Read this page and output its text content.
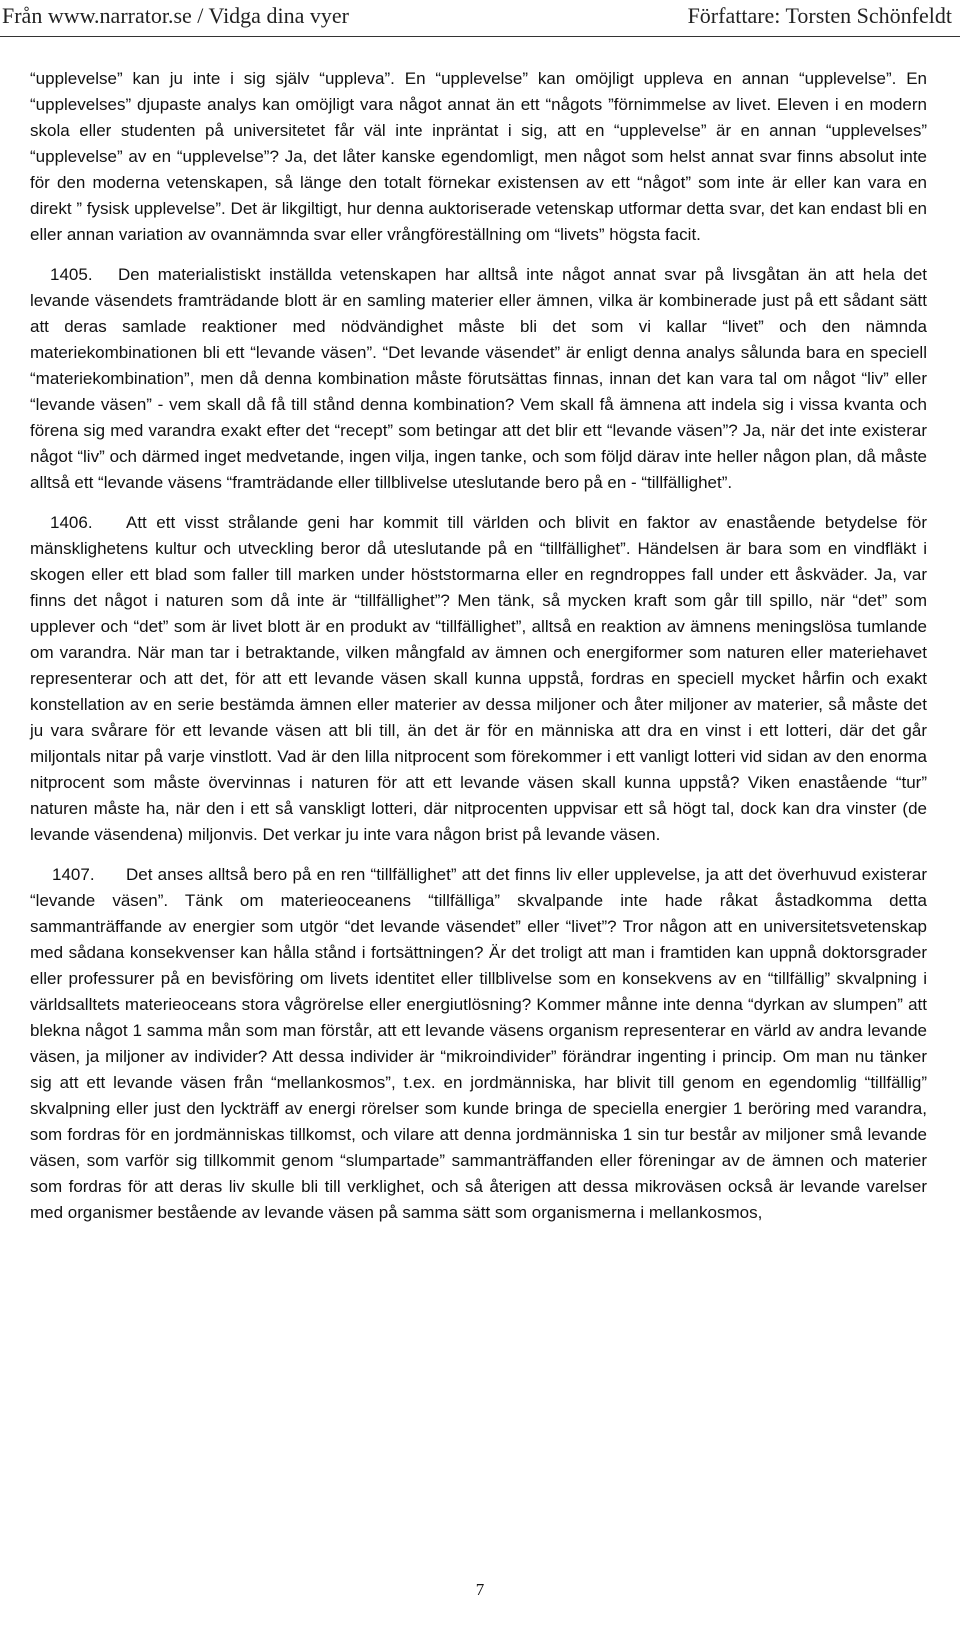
Från www.narrator.se / Vidga dina vyer	Författare: Torsten Schönfeldt

“upplevelse” kan ju inte i sig själv “uppleva”. En “upplevelse” kan omöjligt uppleva en annan “upplevelse”. En “upplevelses” djupaste analys kan omöjligt vara något annat än ett “någots ”förnimmelse av livet. Eleven i en modern skola eller studenten på universitetet får väl inte inpräntat i sig, att en “upplevelse” är en annan “upplevelses” “upplevelse” av en “upplevelse”? Ja, det låter kanske egendomligt, men något som helst annat svar finns absolut inte för den moderna vetenskapen, så länge den totalt förnekar existensen av ett “något” som inte är eller kan vara en direkt ” fysisk upplevelse”. Det är likgiltigt, hur denna auktoriserade vetenskap utformar detta svar, det kan endast bli en eller annan variation av ovannämnda svar eller vrångföreställning om “livets” högsta facit.

1405. Den materialistiskt inställda vetenskapen har alltså inte något annat svar på livsgåtan än att hela det levande väsendets framträdande blott är en samling materier eller ämnen, vilka är kombinerade just på ett sådant sätt att deras samlade reaktioner med nödvändighet måste bli det som vi kallar “livet” och den nämnda materiekombinationen bli ett “levande väsen”. “Det levande väsendet” är enligt denna analys sålunda bara en speciell “materiekombination”, men då denna kombination måste förutsättas finnas, innan det kan vara tal om något “liv” eller “levande väsen” - vem skall då få till stånd denna kombination? Vem skall få ämnena att indela sig i vissa kvanta och förena sig med varandra exakt efter det “recept” som betingar att det blir ett “levande väsen”? Ja, när det inte existerar något “liv” och därmed inget medvetande, ingen vilja, ingen tanke, och som följd därav inte heller någon plan, då måste alltså ett “levande väsens “framträdande eller tillblivelse uteslutande bero på en - “tillfällighet”.

1406. Att ett visst strålande geni har kommit till världen och blivit en faktor av enastående betydelse för mänsklighetens kultur och utveckling beror då uteslutande på en “tillfällighet”. Händelsen är bara som en vindfläkt i skogen eller ett blad som faller till marken under höststormarna eller en regndroppes fall under ett åskväder. Ja, var finns det något i naturen som då inte är “tillfällighet”? Men tänk, så mycken kraft som går till spillo, när “det” som upplever och “det” som är livet blott är en produkt av “tillfällighet”, alltså en reaktion av ämnens meningslösa tumlande om varandra. När man tar i betraktande, vilken mångfald av ämnen och energiformer som naturen eller materiehavet representerar och att det, för att ett levande väsen skall kunna uppstå, fordras en speciell mycket hårfin och exakt konstellation av en serie bestämda ämnen eller materier av dessa miljoner och åter miljoner av materier, så måste det ju vara svårare för ett levande väsen att bli till, än det är för en människa att dra en vinst i ett lotteri, där det går miljontals nitar på varje vinstlott. Vad är den lilla nitprocent som förekommer i ett vanligt lotteri vid sidan av den enorma nitprocent som måste övervinnas i naturen för att ett levande väsen skall kunna uppstå? Viken enastående “tur” naturen måste ha, när den i ett så vanskligt lotteri, där nitprocenten uppvisar ett så högt tal, dock kan dra vinster (de levande väsendena) miljonvis. Det verkar ju inte vara någon brist på levande väsen.

1407. Det anses alltså bero på en ren “tillfällighet” att det finns liv eller upplevelse, ja att det överhuvud existerar “levande väsen”. Tänk om materieoceanens “tillfälliga” skvalpande inte hade råkat åstadkomma detta sammanträffande av energier som utgör “det levande väsendet” eller “livet”? Tror någon att en universitetsvetenskap med sådana konsekvenser kan hålla stånd i fortsättningen? Är det troligt att man i framtiden kan uppnå doktorsgrader eller professurer på en bevisföring om livets identitet eller tillblivelse som en konsekvens av en “tillfällig” skvalpning i världsalltets materieoceans stora vågrörelse eller energiutlösning? Kommer månne inte denna “dyrkan av slumpen” att blekna något 1 samma mån som man förstår, att ett levande väsens organism representerar en värld av andra levande väsen, ja miljoner av individer? Att dessa individer är “mikroindivider” förändrar ingenting i princip. Om man nu tänker sig att ett levande väsen från “mellankosmos”, t.ex. en jordmänniska, har blivit till genom en egendomlig “tillfällig” skvalpning eller just den lyckträff av energi rörelser som kunde bringa de speciella energier 1 beröring med varandra, som fordras för en jordmänniskas tillkomst, och vilare att denna jordmänniska 1 sin tur består av miljoner små levande väsen, som varför sig tillkommit genom “slumpartade” sammanträffanden eller föreningar av de ämnen och materier som fordras för att deras liv skulle bli till verklighet, och så återigen att dessa mikroväsen också är levande varelser med organismer bestående av levande väsen på samma sätt som organismerna i mellankosmos,

7
